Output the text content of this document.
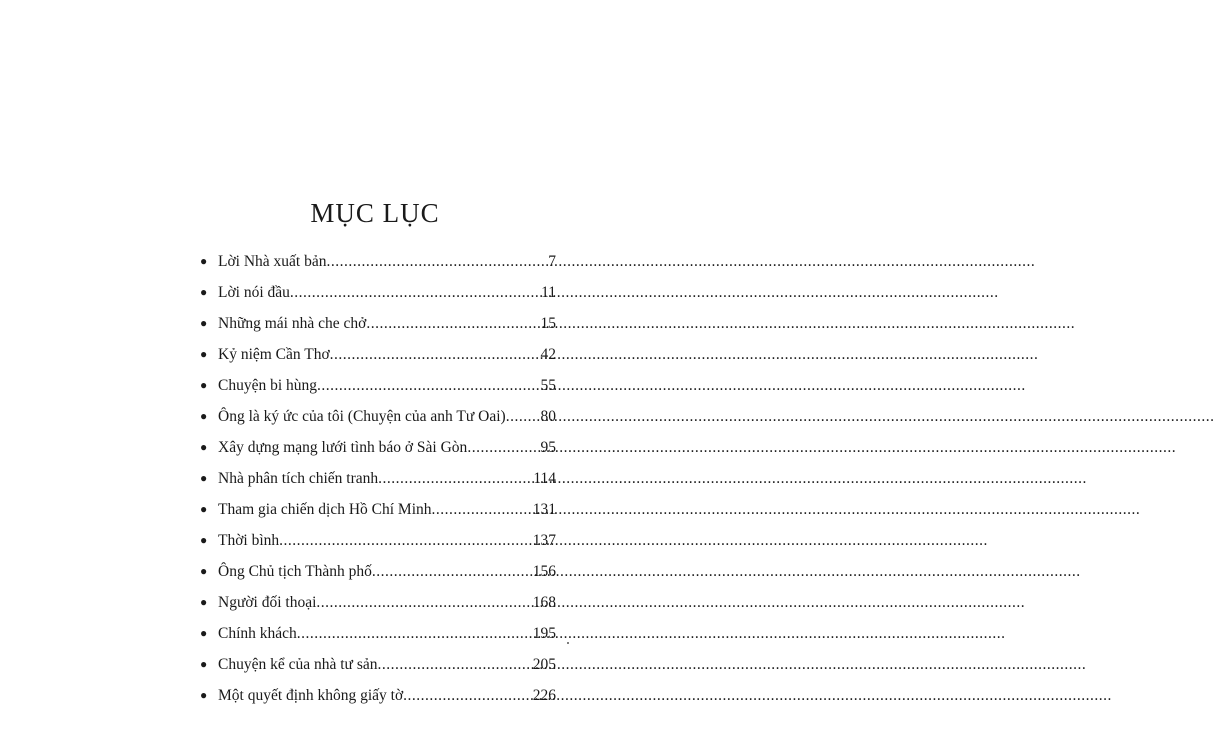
MỤC LỤC
● Lời Nhà xuất bản .....	7
● Lời nói đầu .....	11
● Những mái nhà che chở .....	15
● Kỷ niệm Cần Thơ .....	42
● Chuyện bi hùng .....	55
● Ông là ký ức của tôi (Chuyện của anh Tư Oai) ..... 80
● Xây dựng mạng lưới tình báo ở Sài Gòn .....	95
● Nhà phân tích chiến tranh .....	114
● Tham gia chiến dịch Hồ Chí Minh .....	131
● Thời bình .....	137
● Ông Chủ tịch Thành phố .....	156
● Người đối thoại .....	168
● Chính khách .....	195
● Chuyện kể của nhà tư sản .....	205
● Một quyết định không giấy tờ .....	226
